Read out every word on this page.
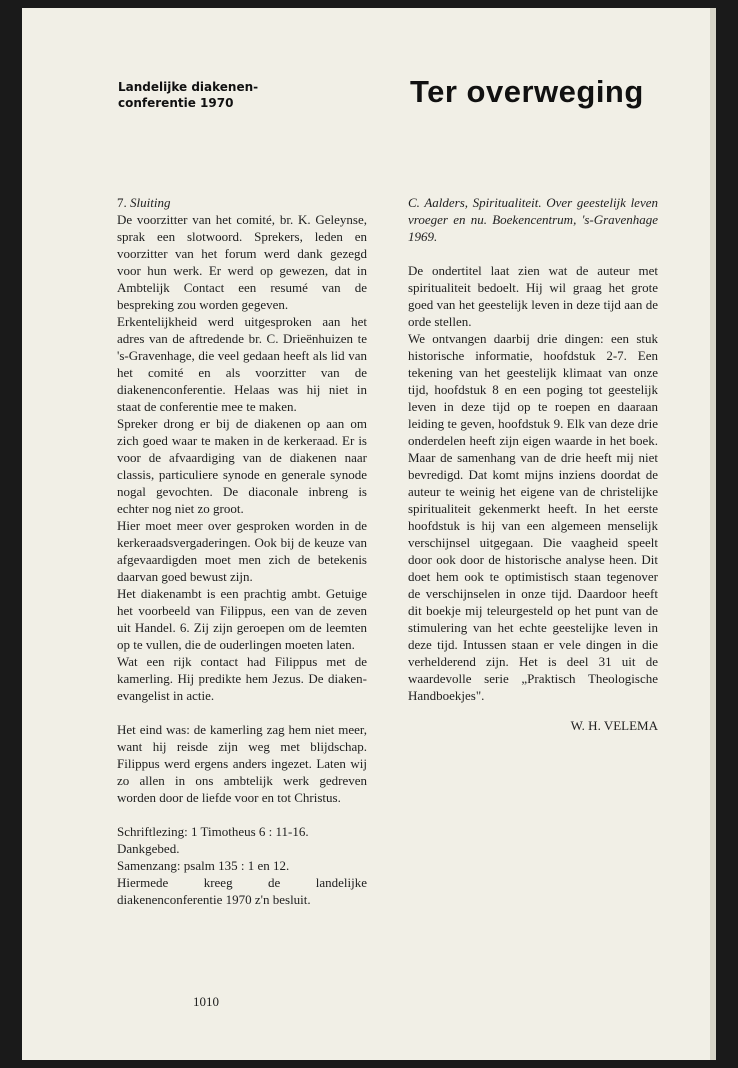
Landelijke diakenen-
conferentie 1970	Ter overweging

7. Sluiting

De voorzitter van het comité, br. K. Geleynse, sprak een slotwoord. Sprekers, leden en voorzitter van het forum werd dank gezegd voor hun werk. Er werd op gewezen, dat in Ambtelijk Contact een resumé van de bespreking zou worden gegeven.

Erkentelijkheid werd uitgesproken aan het adres van de aftredende br. C. Drieënhuizen te 's-Gravenhage, die veel gedaan heeft als lid van het comité en als voorzitter van de diakenenconferentie. Helaas was hij niet in staat de conferentie mee te maken.

Spreker drong er bij de diakenen op aan om zich goed waar te maken in de kerkeraad. Er is voor de afvaardiging van de diakenen naar classis, particuliere synode en generale synode nogal gevochten. De diaconale inbreng is echter nog niet zo groot.

Hier moet meer over gesproken worden in de kerkeraadsvergaderingen. Ook bij de keuze van afgevaardigden moet men zich de betekenis daarvan goed bewust zijn.

Het diakenambt is een prachtig ambt. Getuige het voorbeeld van Filippus, een van de zeven uit Handel. 6. Zij zijn geroepen om de leemten op te vullen, die de ouderlingen moeten laten.

Wat een rijk contact had Filippus met de kamerling. Hij predikte hem Jezus. De diaken-evangelist in actie.

Het eind was: de kamerling zag hem niet meer, want hij reisde zijn weg met blijdschap. Filippus werd ergens anders ingezet. Laten wij zo allen in ons ambtelijk werk gedreven worden door de liefde voor en tot Christus.

Schriftlezing: 1 Timotheus 6 : 11-16.

Dankgebed.

Samenzang: psalm 135 : 1 en 12.

Hiermede kreeg de landelijke diakenenconferentie 1970 z'n besluit.

C. Aalders, Spiritualiteit. Over geestelijk leven vroeger en nu. Boekencentrum, 's-Gravenhage 1969.

De ondertitel laat zien wat de auteur met spiritualiteit bedoelt. Hij wil graag het grote goed van het geestelijk leven in deze tijd aan de orde stellen.

We ontvangen daarbij drie dingen: een stuk historische informatie, hoofdstuk 2-7. Een tekening van het geestelijk klimaat van onze tijd, hoofdstuk 8 en een poging tot geestelijk leven in deze tijd op te roepen en daaraan leiding te geven, hoofdstuk 9. Elk van deze drie onderdelen heeft zijn eigen waarde in het boek. Maar de samenhang van de drie heeft mij niet bevredigd. Dat komt mijns inziens doordat de auteur te weinig het eigene van de christelijke spiritualiteit gekenmerkt heeft. In het eerste hoofdstuk is hij van een algemeen menselijk verschijnsel uitgegaan. Die vaagheid speelt door ook door de historische analyse heen. Dit doet hem ook te optimistisch staan tegenover de verschijnselen in onze tijd. Daardoor heeft dit boekje mij teleurgesteld op het punt van de stimulering van het echte geestelijke leven in deze tijd. Intussen staan er vele dingen in die verhelderend zijn. Het is deel 31 uit de waardevolle serie „Praktisch Theologische Handboekjes".

W. H. VELEMA

1010
